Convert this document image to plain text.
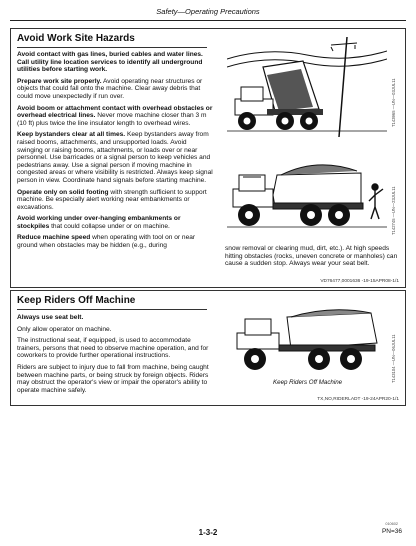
Safety—Operating Precautions
Avoid Work Site Hazards

Avoid contact with gas lines, buried cables and water lines. Call utility line location services to identify all underground utilities before starting work.

Prepare work site properly. Avoid operating near structures or objects that could fall onto the machine. Clear away debris that could move unexpectedly if run over.

Avoid boom or attachment contact with overhead obstacles or overhead electrical lines. Never move machine closer than 3 m (10 ft) plus twice the line insulator length to overhead wires.

Keep bystanders clear at all times. Keep bystanders away from raised booms, attachments, and unsupported loads. Avoid swinging or raising booms, attachments, or loads over or near personnel. Use barricades or a signal person to keep vehicles and pedestrians away. Use a signal person if moving machine in congested areas or where visibility is restricted. Always keep signal person in view. Coordinate hand signals before starting machine.

Operate only on solid footing with strength sufficient to support machine. Be especially alert working near embankments or excavations.

Avoid working under over-hanging embankments or stockpiles that could collapse under or on machine.

Reduce machine speed when operating with tool on or near ground when obstacles may be hidden (e.g., during

T143965 —UN—03JUL11
T142745 —UN—23JUL11
snow removal or clearing mud, dirt, etc.). At high speeds hitting obstacles (rocks, uneven concrete or manholes) can cause a sudden stop. Always wear your seat belt.
VD76477,0001636 -19-15APR08-1/1
Keep Riders Off Machine

Always use seat belt.

Only allow operator on machine.

The instructional seat, if equipped, is used to accommodate trainers, persons that need to observe machine operation, and for coworkers to provide further operational instructions.

Riders are subject to injury due to fall from machine, being caught between machine parts, or being struck by foreign objects. Riders may obstruct the operator's view or impair the operator's ability to operate machine safely.

Keep Riders Off Machine	T143104 —UN—06JUL11
TX,NO,RIDERLADT -19-24APR20-1/1
010602
1-3-2	PN=36
